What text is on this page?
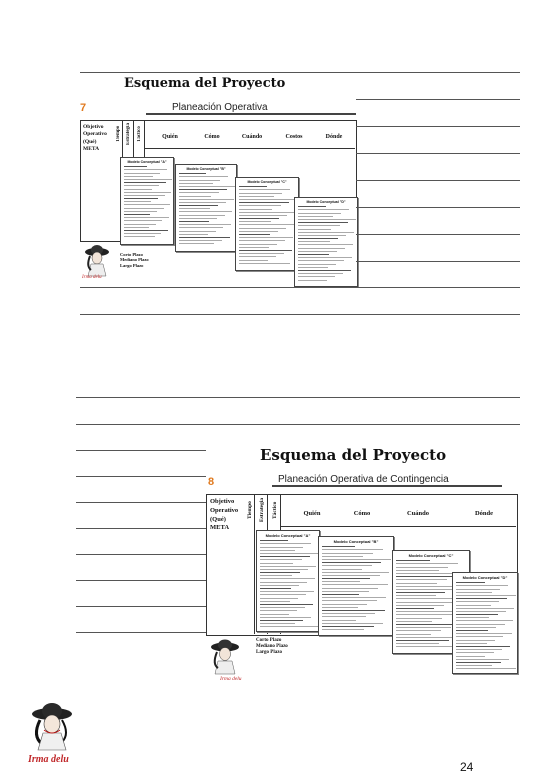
Esquema del Proyecto
7	Planeación Operativa
Objetivo
Operativo
(Qué)
META
Tiempo Estrategia Táctico	Quién	Cómo	Cuándo	Costos	Dónde
Modelo Conceptual "A"
Modelo Conceptual "B"
Modelo Conceptual "C"
Modelo Conceptual "D"
Irma delu
Corto Plazo
Mediano Plazo
Largo Plazo
Esquema del Proyecto
8	Planeación Operativa de Contingencia
Objetivo
Operativo
(Qué)
META
Tiempo Estrategia Táctico	Quién	Cómo	Cuándo	Dónde
Modelo Conceptual "A"
Modelo Conceptual "B"
Modelo Conceptual "C"
Modelo Conceptual "D"
Irma delu
Corto Plazo
Mediano Plazo
Largo Plazo
Irma delu
24
